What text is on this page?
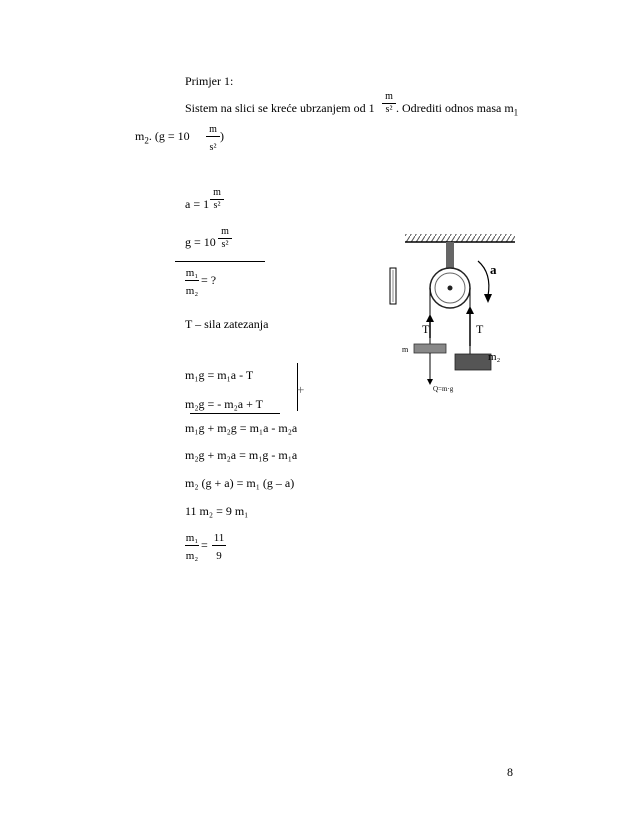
Primjer 1:
Sistem na slici se kreće ubrzanjem od 1
m
s² . Odrediti odnos masa $m_1$
$m_2$. (g = 10	m
s²
)
a = 1
m
s²
g = 10
m
s²
m₁
m₂
= ?
T – sila zatezanja
m₁g = m₁a - T
m₂g = - m₂a + T
+
m₁g + m₂g = m₁a - m₂a
m₂g + m₂a = m₁g - m₁a
m₂ (g + a) = m₁ (g – a)
11 m₂ = 9 m₁
m₁
m₂
= 11
9
a
T	T
m
m₂
Q=m·g
8
